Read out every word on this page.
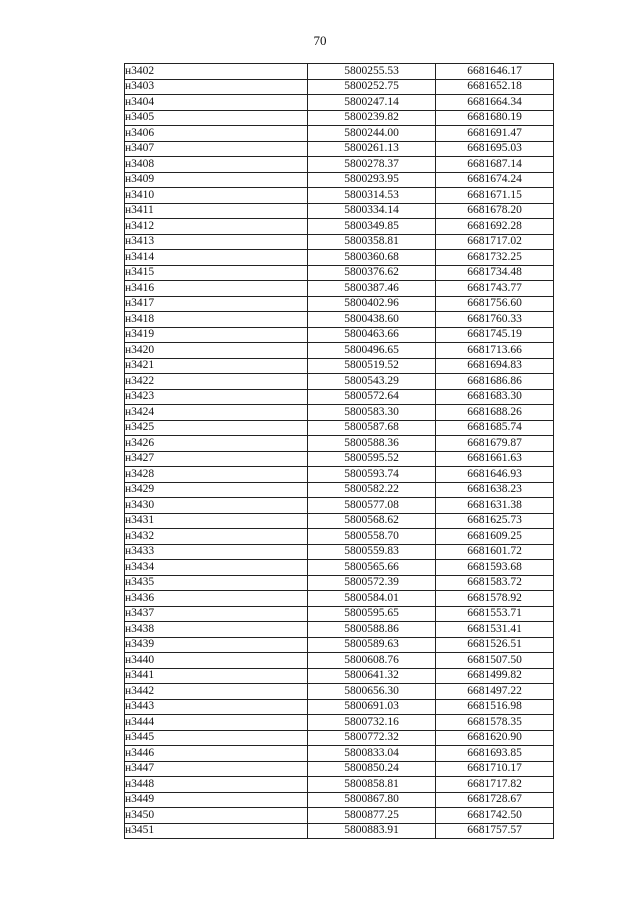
70
н3402	5800255.53	6681646.17
н3403	5800252.75	6681652.18
н3404	5800247.14	6681664.34
н3405	5800239.82	6681680.19
н3406	5800244.00	6681691.47
н3407	5800261.13	6681695.03
н3408	5800278.37	6681687.14
н3409	5800293.95	6681674.24
н3410	5800314.53	6681671.15
н3411	5800334.14	6681678.20
н3412	5800349.85	6681692.28
н3413	5800358.81	6681717.02
н3414	5800360.68	6681732.25
н3415	5800376.62	6681734.48
н3416	5800387.46	6681743.77
н3417	5800402.96	6681756.60
н3418	5800438.60	6681760.33
н3419	5800463.66	6681745.19
н3420	5800496.65	6681713.66
н3421	5800519.52	6681694.83
н3422	5800543.29	6681686.86
н3423	5800572.64	6681683.30
н3424	5800583.30	6681688.26
н3425	5800587.68	6681685.74
н3426	5800588.36	6681679.87
н3427	5800595.52	6681661.63
н3428	5800593.74	6681646.93
н3429	5800582.22	6681638.23
н3430	5800577.08	6681631.38
н3431	5800568.62	6681625.73
н3432	5800558.70	6681609.25
н3433	5800559.83	6681601.72
н3434	5800565.66	6681593.68
н3435	5800572.39	6681583.72
н3436	5800584.01	6681578.92
н3437	5800595.65	6681553.71
н3438	5800588.86	6681531.41
н3439	5800589.63	6681526.51
н3440	5800608.76	6681507.50
н3441	5800641.32	6681499.82
н3442	5800656.30	6681497.22
н3443	5800691.03	6681516.98
н3444	5800732.16	6681578.35
н3445	5800772.32	6681620.90
н3446	5800833.04	6681693.85
н3447	5800850.24	6681710.17
н3448	5800858.81	6681717.82
н3449	5800867.80	6681728.67
н3450	5800877.25	6681742.50
н3451	5800883.91	6681757.57
